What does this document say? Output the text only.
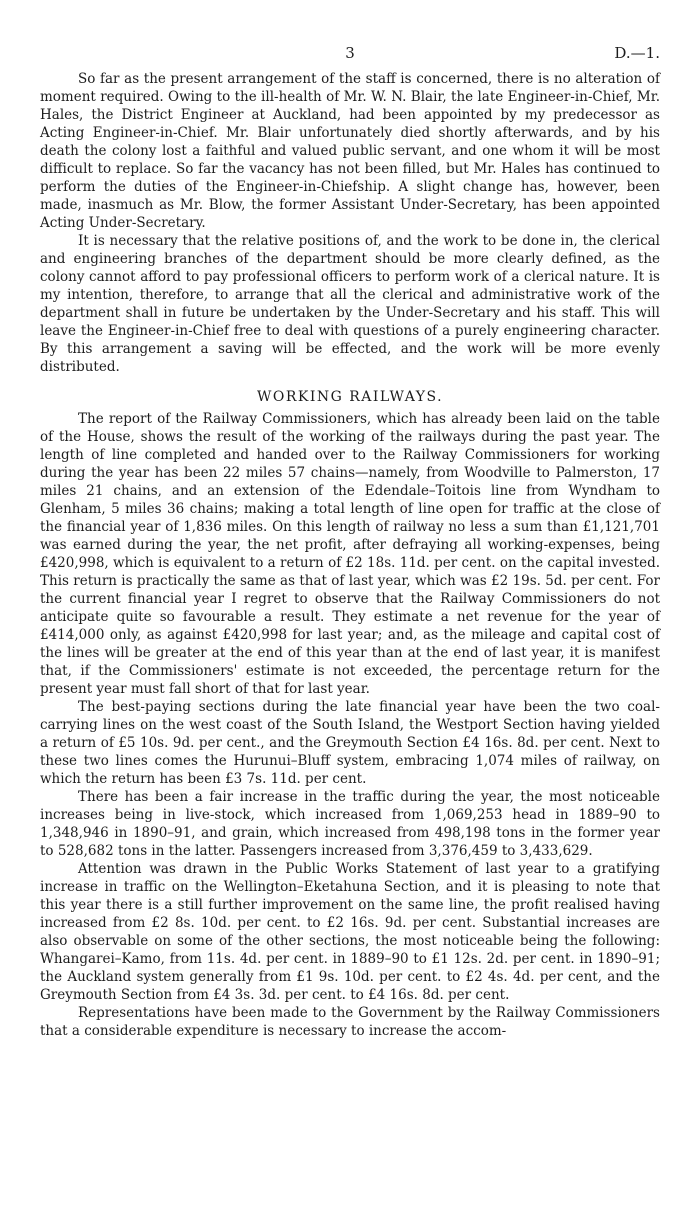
3	D.—1.

So far as the present arrangement of the staff is concerned, there is no alteration of moment required. Owing to the ill-health of Mr. W. N. Blair, the late Engineer-in-Chief, Mr. Hales, the District Engineer at Auckland, had been appointed by my predecessor as Acting Engineer-in-Chief. Mr. Blair unfortunately died shortly afterwards, and by his death the colony lost a faithful and valued public servant, and one whom it will be most difficult to replace. So far the vacancy has not been filled, but Mr. Hales has continued to perform the duties of the Engineer-in-Chiefship. A slight change has, however, been made, inasmuch as Mr. Blow, the former Assistant Under-Secretary, has been appointed Acting Under-Secretary.

It is necessary that the relative positions of, and the work to be done in, the clerical and engineering branches of the department should be more clearly defined, as the colony cannot afford to pay professional officers to perform work of a clerical nature. It is my intention, therefore, to arrange that all the clerical and administrative work of the department shall in future be undertaken by the Under-Secretary and his staff. This will leave the Engineer-in-Chief free to deal with questions of a purely engineering character. By this arrangement a saving will be effected, and the work will be more evenly distributed.

WORKING RAILWAYS.

The report of the Railway Commissioners, which has already been laid on the table of the House, shows the result of the working of the railways during the past year. The length of line completed and handed over to the Railway Commissioners for working during the year has been 22 miles 57 chains—namely, from Woodville to Palmerston, 17 miles 21 chains, and an extension of the Edendale–Toitois line from Wyndham to Glenham, 5 miles 36 chains; making a total length of line open for traffic at the close of the financial year of 1,836 miles. On this length of railway no less a sum than £1,121,701 was earned during the year, the net profit, after defraying all working-expenses, being £420,998, which is equivalent to a return of £2 18s. 11d. per cent. on the capital invested. This return is practically the same as that of last year, which was £2 19s. 5d. per cent. For the current financial year I regret to observe that the Railway Commissioners do not anticipate quite so favourable a result. They estimate a net revenue for the year of £414,000 only, as against £420,998 for last year; and, as the mileage and capital cost of the lines will be greater at the end of this year than at the end of last year, it is manifest that, if the Commissioners' estimate is not exceeded, the percentage return for the present year must fall short of that for last year.

The best-paying sections during the late financial year have been the two coal-carrying lines on the west coast of the South Island, the Westport Section having yielded a return of £5 10s. 9d. per cent., and the Greymouth Section £4 16s. 8d. per cent. Next to these two lines comes the Hurunui–Bluff system, embracing 1,074 miles of railway, on which the return has been £3 7s. 11d. per cent.

There has been a fair increase in the traffic during the year, the most noticeable increases being in live-stock, which increased from 1,069,253 head in 1889–90 to 1,348,946 in 1890–91, and grain, which increased from 498,198 tons in the former year to 528,682 tons in the latter. Passengers increased from 3,376,459 to 3,433,629.

Attention was drawn in the Public Works Statement of last year to a gratifying increase in traffic on the Wellington–Eketahuna Section, and it is pleasing to note that this year there is a still further improvement on the same line, the profit realised having increased from £2 8s. 10d. per cent. to £2 16s. 9d. per cent. Substantial increases are also observable on some of the other sections, the most noticeable being the following: Whangarei–Kamo, from 11s. 4d. per cent. in 1889–90 to £1 12s. 2d. per cent. in 1890–91; the Auckland system generally from £1 9s. 10d. per cent. to £2 4s. 4d. per cent, and the Greymouth Section from £4 3s. 3d. per cent. to £4 16s. 8d. per cent.

Representations have been made to the Government by the Railway Commissioners that a considerable expenditure is necessary to increase the accom-
